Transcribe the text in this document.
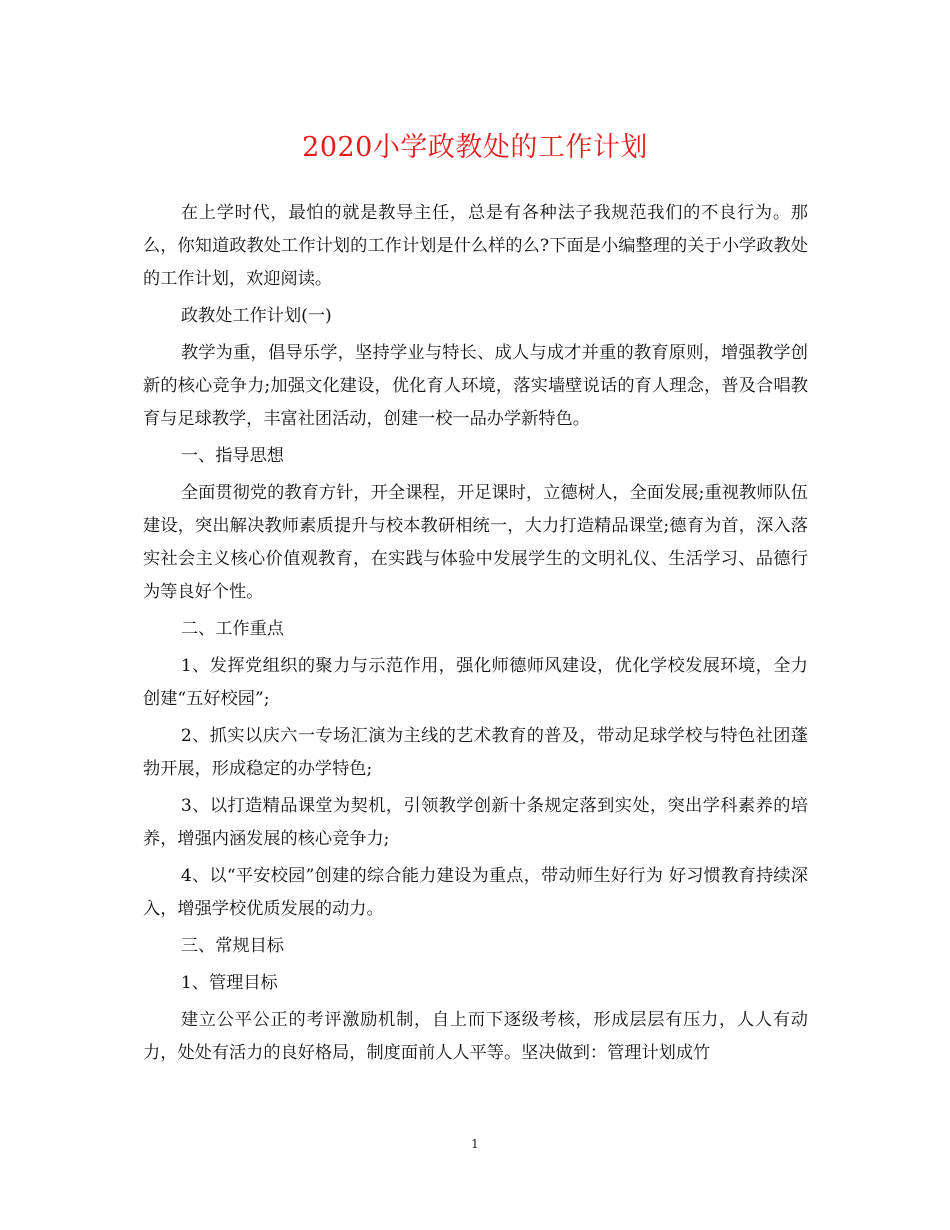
2020小学政教处的工作计划

在上学时代，最怕的就是教导主任，总是有各种法子我规范我们的不良行为。那么，你知道政教处工作计划的工作计划是什么样的么?下面是小编整理的关于小学政教处的工作计划，欢迎阅读。

政教处工作计划(一)

教学为重，倡导乐学，坚持学业与特长、成人与成才并重的教育原则，增强教学创新的核心竞争力;加强文化建设，优化育人环境，落实墙壁说话的育人理念，普及合唱教育与足球教学，丰富社团活动，创建一校一品办学新特色。

一、指导思想

全面贯彻党的教育方针，开全课程，开足课时，立德树人，全面发展;重视教师队伍建设，突出解决教师素质提升与校本教研相统一，大力打造精品课堂;德育为首，深入落实社会主义核心价值观教育，在实践与体验中发展学生的文明礼仪、生活学习、品德行为等良好个性。

二、工作重点

1、发挥党组织的聚力与示范作用，强化师德师风建设，优化学校发展环境，全力创建“五好校园”;

2、抓实以庆六一专场汇演为主线的艺术教育的普及，带动足球学校与特色社团蓬勃开展，形成稳定的办学特色;

3、以打造精品课堂为契机，引领教学创新十条规定落到实处，突出学科素养的培养，增强内涵发展的核心竞争力;

4、以“平安校园”创建的综合能力建设为重点，带动师生好行为 好习惯教育持续深入，增强学校优质发展的动力。

三、常规目标

1、管理目标

建立公平公正的考评激励机制，自上而下逐级考核，形成层层有压力，人人有动力，处处有活力的良好格局，制度面前人人平等。坚决做到：管理计划成竹

1
